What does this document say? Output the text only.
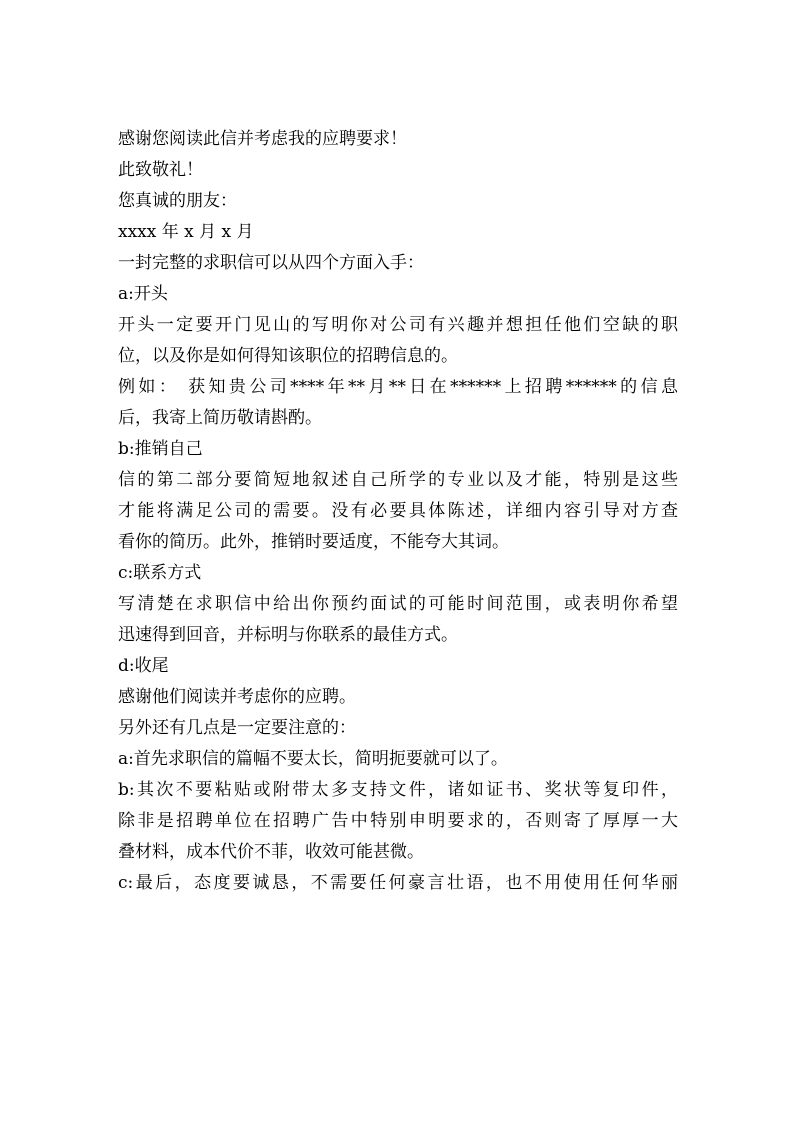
感谢您阅读此信并考虑我的应聘要求！
此致敬礼！
您真诚的朋友：
xxxx 年 x 月 x 月
一封完整的求职信可以从四个方面入手：
a:开头
开头一定要开门见山的写明你对公司有兴趣并想担任他们空缺的职
位，以及你是如何得知该职位的招聘信息的。
例如： 获知贵公司****年**月**日在******上招聘******的信息
后，我寄上简历敬请斟酌。
b:推销自己
信的第二部分要简短地叙述自己所学的专业以及才能，特别是这些
才能将满足公司的需要。没有必要具体陈述，详细内容引导对方查
看你的简历。此外，推销时要适度，不能夸大其词。
c:联系方式
写清楚在求职信中给出你预约面试的可能时间范围，或表明你希望
迅速得到回音，并标明与你联系的最佳方式。
d:收尾
感谢他们阅读并考虑你的应聘。
另外还有几点是一定要注意的：
a:首先求职信的篇幅不要太长，简明扼要就可以了。
b:其次不要粘贴或附带太多支持文件，诸如证书、奖状等复印件，
除非是招聘单位在招聘广告中特别申明要求的，否则寄了厚厚一大
叠材料，成本代价不菲，收效可能甚微。
c:最后，态度要诚恳，不需要任何豪言壮语，也不用使用任何华丽
